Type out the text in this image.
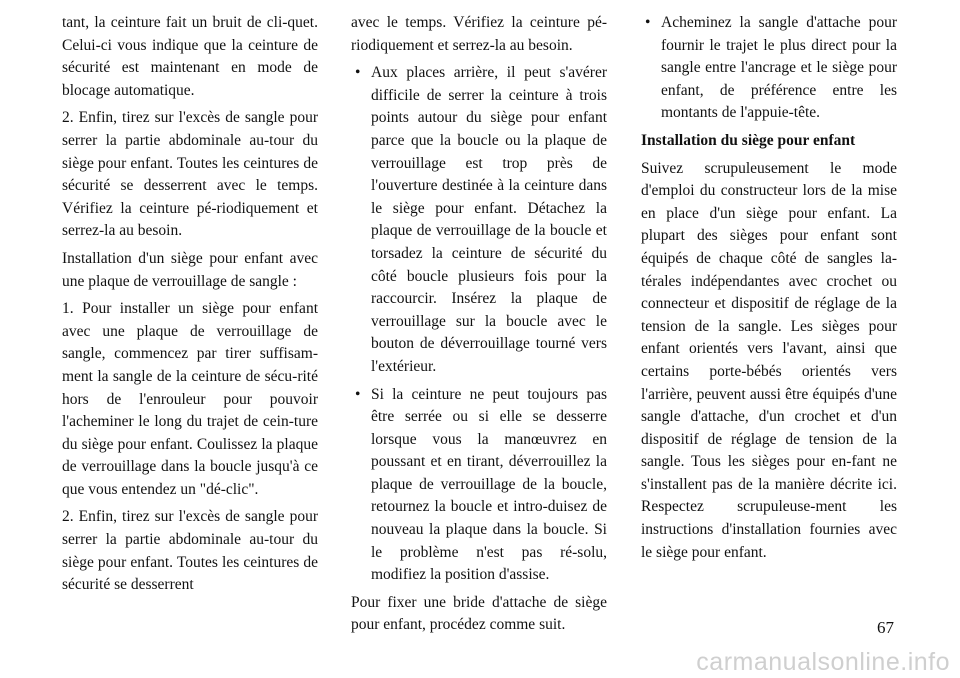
tant, la ceinture fait un bruit de cli-quet. Celui-ci vous indique que la ceinture de sécurité est maintenant en mode de blocage automatique.

2. Enfin, tirez sur l'excès de sangle pour serrer la partie abdominale au-tour du siège pour enfant. Toutes les ceintures de sécurité se desserrent avec le temps. Vérifiez la ceinture pé-riodiquement et serrez-la au besoin.

Installation d'un siège pour enfant avec une plaque de verrouillage de sangle :

1. Pour installer un siège pour enfant avec une plaque de verrouillage de sangle, commencez par tirer suffisam-ment la sangle de la ceinture de sécu-rité hors de l'enrouleur pour pouvoir l'acheminer le long du trajet de cein-ture du siège pour enfant. Coulissez la plaque de verrouillage dans la boucle jusqu'à ce que vous entendez un "dé-clic".

2. Enfin, tirez sur l'excès de sangle pour serrer la partie abdominale au-tour du siège pour enfant. Toutes les ceintures de sécurité se desserrent

avec le temps. Vérifiez la ceinture pé-riodiquement et serrez-la au besoin.

• Aux places arrière, il peut s'avérer difficile de serrer la ceinture à trois points autour du siège pour enfant parce que la boucle ou la plaque de verrouillage est trop près de l'ouverture destinée à la ceinture dans le siège pour enfant. Détachez la plaque de verrouillage de la boucle et torsadez la ceinture de sécurité du côté boucle plusieurs fois pour la raccourcir. Insérez la plaque de verrouillage sur la boucle avec le bouton de déverrouillage tourné vers l'extérieur.
• Si la ceinture ne peut toujours pas être serrée ou si elle se desserre lorsque vous la manœuvrez en poussant et en tirant, déverrouillez la plaque de verrouillage de la boucle, retournez la boucle et intro-duisez de nouveau la plaque dans la boucle. Si le problème n'est pas ré-solu, modifiez la position d'assise.

Pour fixer une bride d'attache de siège pour enfant, procédez comme suit.

• Acheminez la sangle d'attache pour fournir le trajet le plus direct pour la sangle entre l'ancrage et le siège pour enfant, de préférence entre les montants de l'appuie-tête.

Installation du siège pour enfant

Suivez scrupuleusement le mode d'emploi du constructeur lors de la mise en place d'un siège pour enfant. La plupart des sièges pour enfant sont équipés de chaque côté de sangles la-térales indépendantes avec crochet ou connecteur et dispositif de réglage de la tension de la sangle. Les sièges pour enfant orientés vers l'avant, ainsi que certains porte-bébés orientés vers l'arrière, peuvent aussi être équipés d'une sangle d'attache, d'un crochet et d'un dispositif de réglage de tension de la sangle. Tous les sièges pour en-fant ne s'installent pas de la manière décrite ici. Respectez scrupuleuse-ment les instructions d'installation fournies avec le siège pour enfant.

67
carmanualsonline.info
